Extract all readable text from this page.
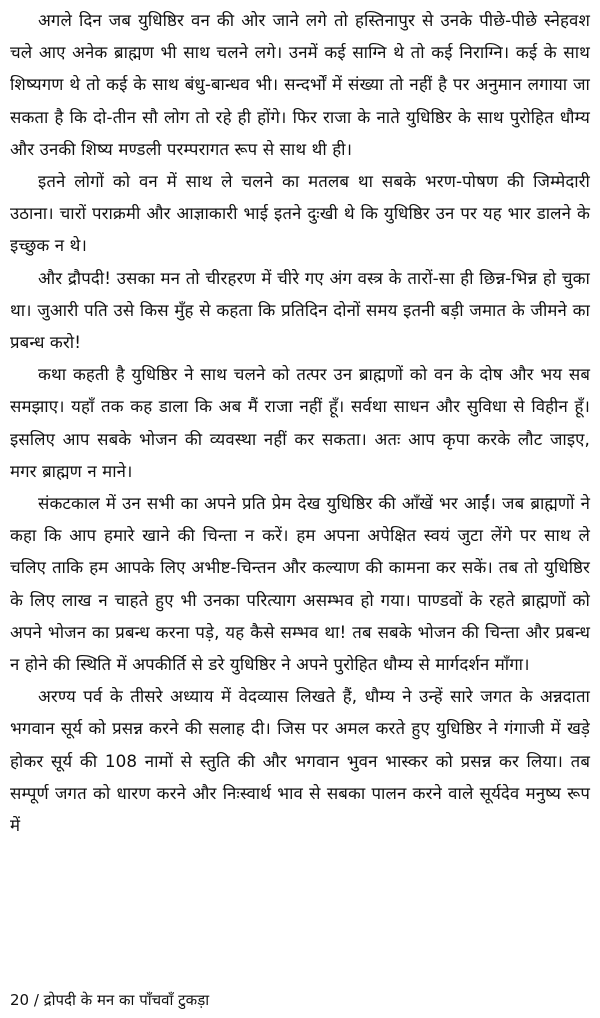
अगले दिन जब युधिष्ठिर वन की ओर जाने लगे तो हस्तिनापुर से उनके पीछे-पीछे स्नेहवश चले आए अनेक ब्राह्मण भी साथ चलने लगे। उनमें कई साग्नि थे तो कई निराग्नि। कई के साथ शिष्यगण थे तो कई के साथ बंधु-बान्धव भी। सन्दर्भों में संख्या तो नहीं है पर अनुमान लगाया जा सकता है कि दो-तीन सौ लोग तो रहे ही होंगे। फिर राजा के नाते युधिष्ठिर के साथ पुरोहित धौम्य और उनकी शिष्य मण्डली परम्परागत रूप से साथ थी ही।

इतने लोगों को वन में साथ ले चलने का मतलब था सबके भरण-पोषण की जिम्मेदारी उठाना। चारों पराक्रमी और आज्ञाकारी भाई इतने दुःखी थे कि युधिष्ठिर उन पर यह भार डालने के इच्छुक न थे।

और द्रौपदी! उसका मन तो चीरहरण में चीरे गए अंग वस्त्र के तारों-सा ही छिन्न-भिन्न हो चुका था। जुआरी पति उसे किस मुँह से कहता कि प्रतिदिन दोनों समय इतनी बड़ी जमात के जीमने का प्रबन्ध करो!

कथा कहती है युधिष्ठिर ने साथ चलने को तत्पर उन ब्राह्मणों को वन के दोष और भय सब समझाए। यहाँ तक कह डाला कि अब मैं राजा नहीं हूँ। सर्वथा साधन और सुविधा से विहीन हूँ। इसलिए आप सबके भोजन की व्यवस्था नहीं कर सकता। अतः आप कृपा करके लौट जाइए, मगर ब्राह्मण न माने।

संकटकाल में उन सभी का अपने प्रति प्रेम देख युधिष्ठिर की आँखें भर आईं। जब ब्राह्मणों ने कहा कि आप हमारे खाने की चिन्ता न करें। हम अपना अपेक्षित स्वयं जुटा लेंगे पर साथ ले चलिए ताकि हम आपके लिए अभीष्ट-चिन्तन और कल्याण की कामना कर सकें। तब तो युधिष्ठिर के लिए लाख न चाहते हुए भी उनका परित्याग असम्भव हो गया। पाण्डवों के रहते ब्राह्मणों को अपने भोजन का प्रबन्ध करना पड़े, यह कैसे सम्भव था! तब सबके भोजन की चिन्ता और प्रबन्ध न होने की स्थिति में अपकीर्ति से डरे युधिष्ठिर ने अपने पुरोहित धौम्य से मार्गदर्शन माँगा।

अरण्य पर्व के तीसरे अध्याय में वेदव्यास लिखते हैं, धौम्य ने उन्हें सारे जगत के अन्नदाता भगवान सूर्य को प्रसन्न करने की सलाह दी। जिस पर अमल करते हुए युधिष्ठिर ने गंगाजी में खड़े होकर सूर्य की 108 नामों से स्तुति की और भगवान भुवन भास्कर को प्रसन्न कर लिया। तब सम्पूर्ण जगत को धारण करने और निःस्वार्थ भाव से सबका पालन करने वाले सूर्यदेव मनुष्य रूप में

20 / द्रोपदी के मन का पाँचवाँ टुकड़ा
